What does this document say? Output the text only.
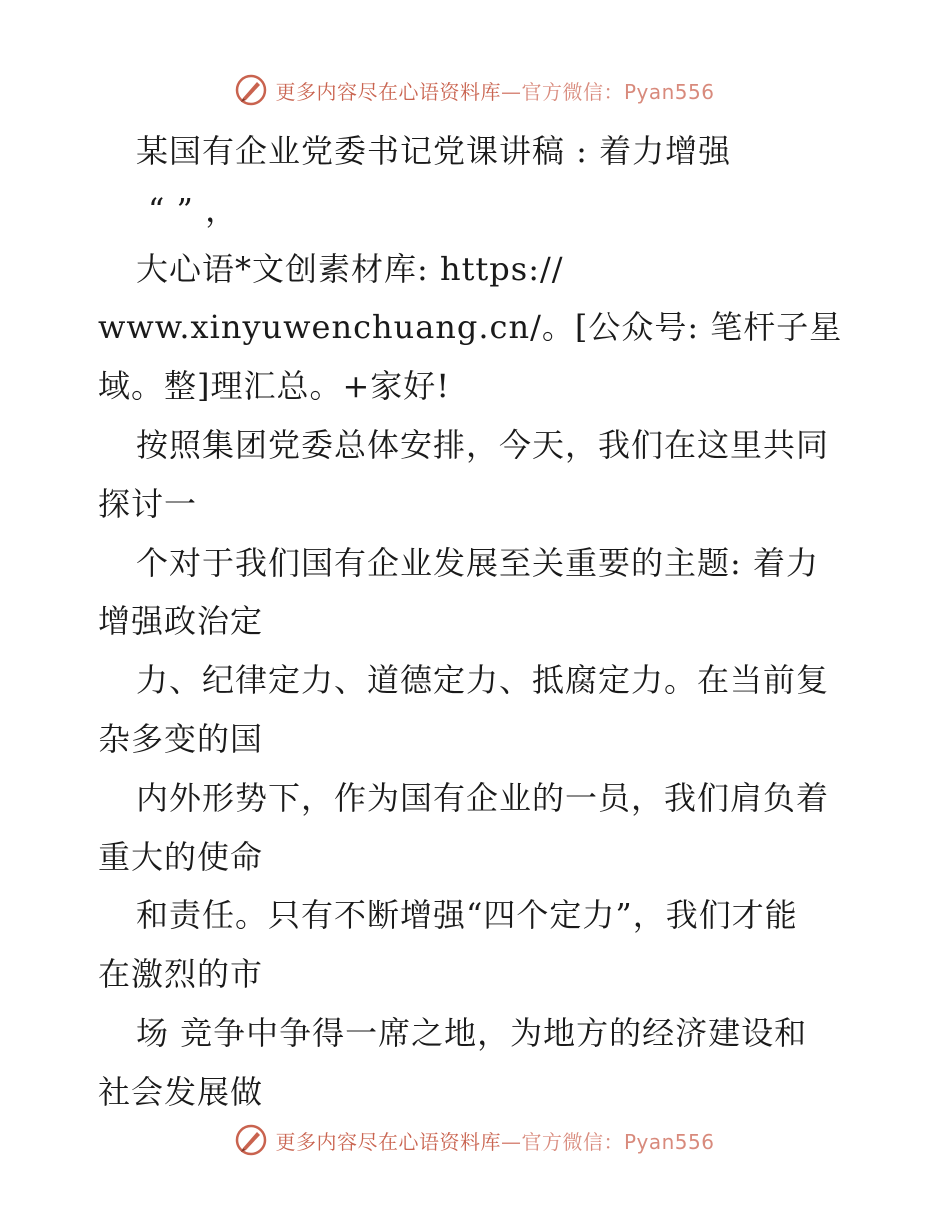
更多内容尽在心语资料库—官方微信：Pyan556
某国有企业党委书记党课讲稿 : 着力增强
“ ” ，
大心语*文创素材库: https://
www.xinyuwenchuang.cn/。[公众号: 笔杆子星
域。整]理汇总。+家好!
按照集团党委总体安排，今天，我们在这里共同
探讨一
个对于我们国有企业发展至关重要的主题: 着力
增强政治定
力、纪律定力、道德定力、抵腐定力。在当前复
杂多变的国
内外形势下，作为国有企业的一员，我们肩负着
重大的使命
和责任。只有不断增强“四个定力”，我们才能
在激烈的市
场 竞争中争得一席之地，为地方的经济建设和
社会发展做
更多内容尽在心语资料库—官方微信：Pyan556
